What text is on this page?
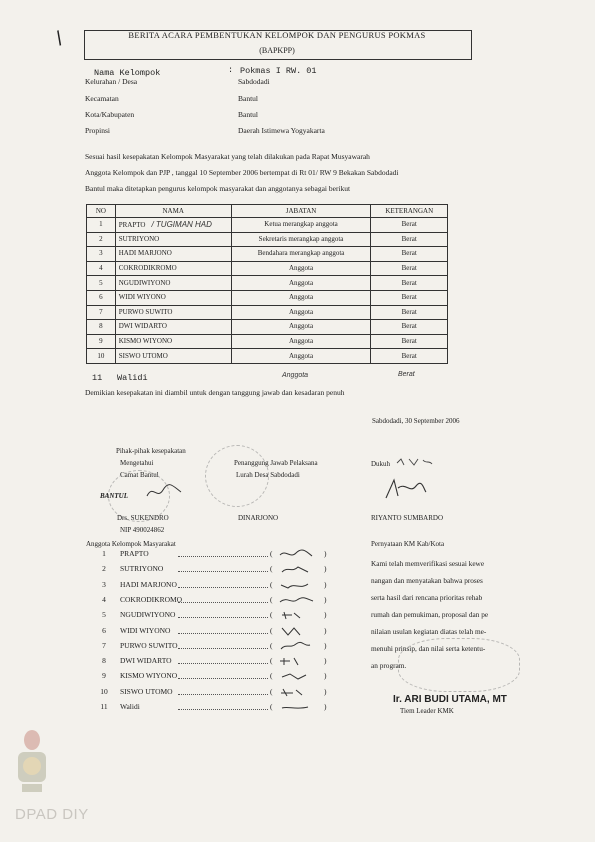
/	BERITA ACARA PEMBENTUKAN KELOMPOK DAN PENGURUS POKMAS
(BAPKPP)
Nama Kelompok	: Pokmas I RW. 01
Kelurahan / Desa	Sabdodadi
Kecamatan	Bantul
Kota/Kabupaten	Bantul
Propinsi	Daerah Istimewa Yogyakarta
Sesuai hasil kesepakatan Kelompok Masyarakat yang telah dilakukan pada Rapat Musyawarah
Anggota Kelompok dan PJP , tanggal 10 September 2006 bertempat di Rt 01/ RW 9 Bekakan Sabdodadi
Bantul maka ditetapkan pengurus kelompok masyarakat dan anggotanya sebagai berikut
NO	NAMA	JABATAN	KETERANGAN
1	PRAPTO / TUGIMAN HAD	Ketua merangkap anggota	Berat
2	SUTRIYONO	Sekretaris merangkap anggota	Berat
3	HADI MARJONO	Bendahara merangkap anggota	Berat
4	COKRODIKROMO	Anggota	Berat
5	NGUDIWIYONO	Anggota	Berat
6	WIDI WIYONO	Anggota	Berat
7	PURWO SUWITO	Anggota	Berat
8	DWI WIDARTO	Anggota	Berat
9	KISMO WIYONO	Anggota	Berat
10	SISWO UTOMO	Anggota	Berat
11 Walidi	Anggota	Berat
Demikian kesepakatan ini diambil untuk dengan tanggung jawab dan kesadaran penuh
Sabdodadi, 30 September 2006
Pihak-pihak kesepakatan
Mengetahui
Camat Bantul
BANTUL
Drs. SUKENDRO
NIP 490024862
Penanggung Jawab Pelaksana
Lurah Desa Sabdodadi
DINARJONO
Dukuh
RIYANTO SUMBARDO
Anggota Kelompok Masyarakat
1	PRAPTO	(	)
2	SUTRIYONO	(	)
3	HADI MARJONO	(	)
4	COKRODIKROMO	(	)
5	NGUDIWIYONO	(	)
6	WIDI WIYONO	(	)
7	PURWO SUWITO	(	)
8	DWI WIDARTO	(	)
9	KISMO WIYONO	(	)
10	SISWO UTOMO	(	)
11	Walidi	(	)
Pernyataan KM Kab/Kota
Kami telah memverifikasi sesuai kewe
nangan dan menyatakan bahwa proses
serta hasil dari rencana prioritas rehab
rumah dan pemukiman, proposal dan pe
nilaian usulan kegiatan diatas telah me-
menuhi prinsip, dan nilai serta ketentu-
an program.
Ir. ARI BUDI UTAMA, MT
Tiem Leader KMK
DPAD DIY
